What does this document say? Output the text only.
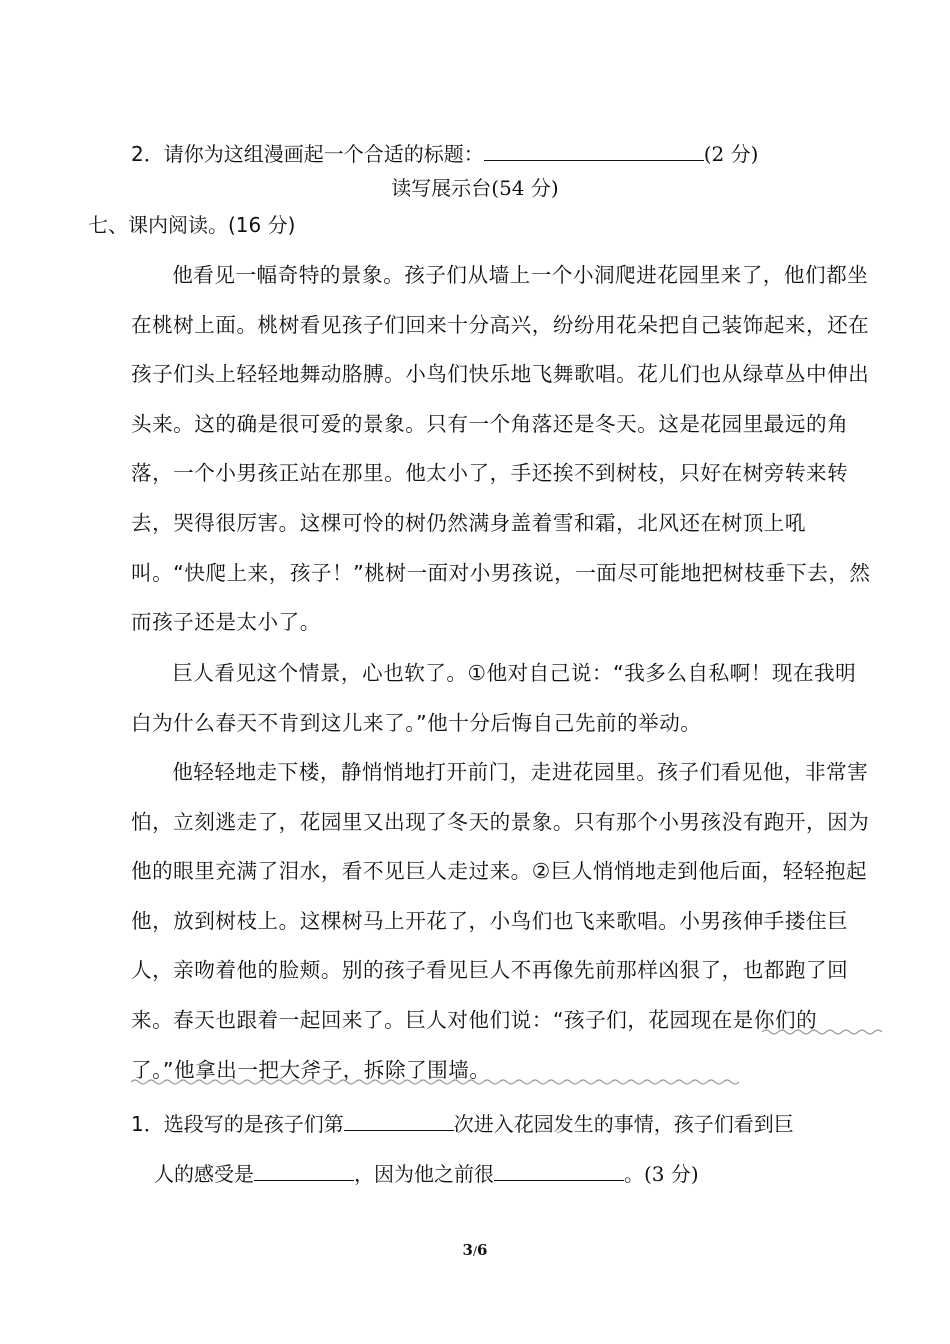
2．请你为这组漫画起一个合适的标题：	(2 分)
读写展示台(54 分)
七、课内阅读。(16 分)

他看见一幅奇特的景象。孩子们从墙上一个小洞爬进花园里来了，他们都坐在桃树上面。桃树看见孩子们回来十分高兴，纷纷用花朵把自己装饰起来，还在孩子们头上轻轻地舞动胳膊。小鸟们快乐地飞舞歌唱。花儿们也从绿草丛中伸出头来。这的确是很可爱的景象。只有一个角落还是冬天。这是花园里最远的角落，一个小男孩正站在那里。他太小了，手还挨不到树枝，只好在树旁转来转去，哭得很厉害。这棵可怜的树仍然满身盖着雪和霜，北风还在树顶上吼叫。“快爬上来，孩子！”桃树一面对小男孩说，一面尽可能地把树枝垂下去，然而孩子还是太小了。

巨人看见这个情景，心也软了。①他对自己说：“我多么自私啊！现在我明白为什么春天不肯到这儿来了。”他十分后悔自己先前的举动。

他轻轻地走下楼，静悄悄地打开前门，走进花园里。孩子们看见他，非常害怕，立刻逃走了，花园里又出现了冬天的景象。只有那个小男孩没有跑开，因为他的眼里充满了泪水，看不见巨人走过来。②巨人悄悄地走到他后面，轻轻抱起他，放到树枝上。这棵树马上开花了，小鸟们也飞来歌唱。小男孩伸手搂住巨人，亲吻着他的脸颊。别的孩子看见巨人不再像先前那样凶狠了，也都跑了回来。春天也跟着一起回来了。巨人对他们说：“孩子们，花园现在是你们的了。”他拿出一把大斧子，拆除了围墙。

1．选段写的是孩子们第	次进入花园发生的事情，孩子们看到巨
人的感受是	，因为他之前很	。(3 分)
3/6
